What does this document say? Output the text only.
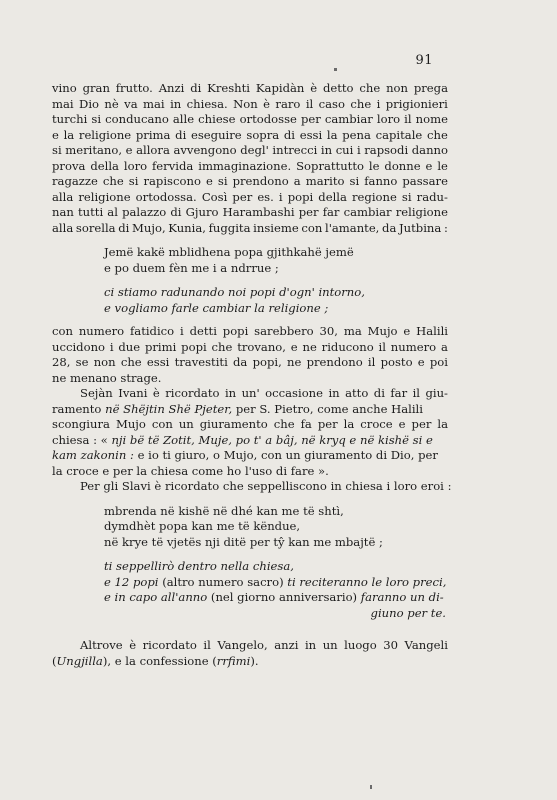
91
vino gran frutto. Anzi di Kreshti Kapidàn è detto che non prega
mai Dio nè va mai in chiesa. Non è raro il caso che i prigionieri
turchi si conducano alle chiese ortodosse per cambiar loro il nome
e la religione prima di eseguire sopra di essi la pena capitale che
si meritano, e allora avvengono degl' intrecci in cui i rapsodi danno
prova della loro fervida immaginazione. Soprattutto le donne e le
ragazze che si rapiscono e si prendono a marito si fanno passare
alla religione ortodossa. Così per es. i popi della regione si radu-
nan tutti al palazzo di Gjuro Harambashi per far cambiar religione
alla sorella di Mujo, Kunia, fuggita insieme con l'amante, da Jutbina :
Jemë kakë mblidhena popa gjithkahë jemë
e po duem fèn me i a ndrrue ;
ci stiamo radunando noi popi d'ogn' intorno,
e vogliamo farle cambiar la religione ;
con numero fatidico i detti popi sarebbero 30, ma Mujo e Halili
uccidono i due primi popi che trovano, e ne riducono il numero a
28, se non che essi travestiti da popi, ne prendono il posto e poi
ne menano strage.
Sejàn Ivani è ricordato in un' occasione in atto di far il giu-
ramento në Shëjtin Shë Pjeter, per S. Pietro, come anche Halili
scongiura Mujo con un giuramento che fa per la croce e per la
chiesa : « nji bë të Zotit, Muje, po t' a bâj, në kryq e në kishë si e
kam zakonin : e io ti giuro, o Mujo, con un giuramento di Dio, per
la croce e per la chiesa come ho l'uso di fare ».
Per gli Slavi è ricordato che seppelliscono in chiesa i loro eroi :
mbrenda në kishë në dhé kan me të shtì,
dymdhèt popa kan me të këndue,
në krye të vjetës nji ditë per tŷ kan me mbajtë ;
ti seppellirò dentro nella chiesa,
e 12 popi (altro numero sacro) ti reciteranno le loro preci,
e in capo all'anno (nel giorno anniversario) faranno un di-
giuno per te.
Altrove è ricordato il Vangelo, anzi in un luogo 30 Vangeli
(Ungjilla), e la confessione (rrfimi).
